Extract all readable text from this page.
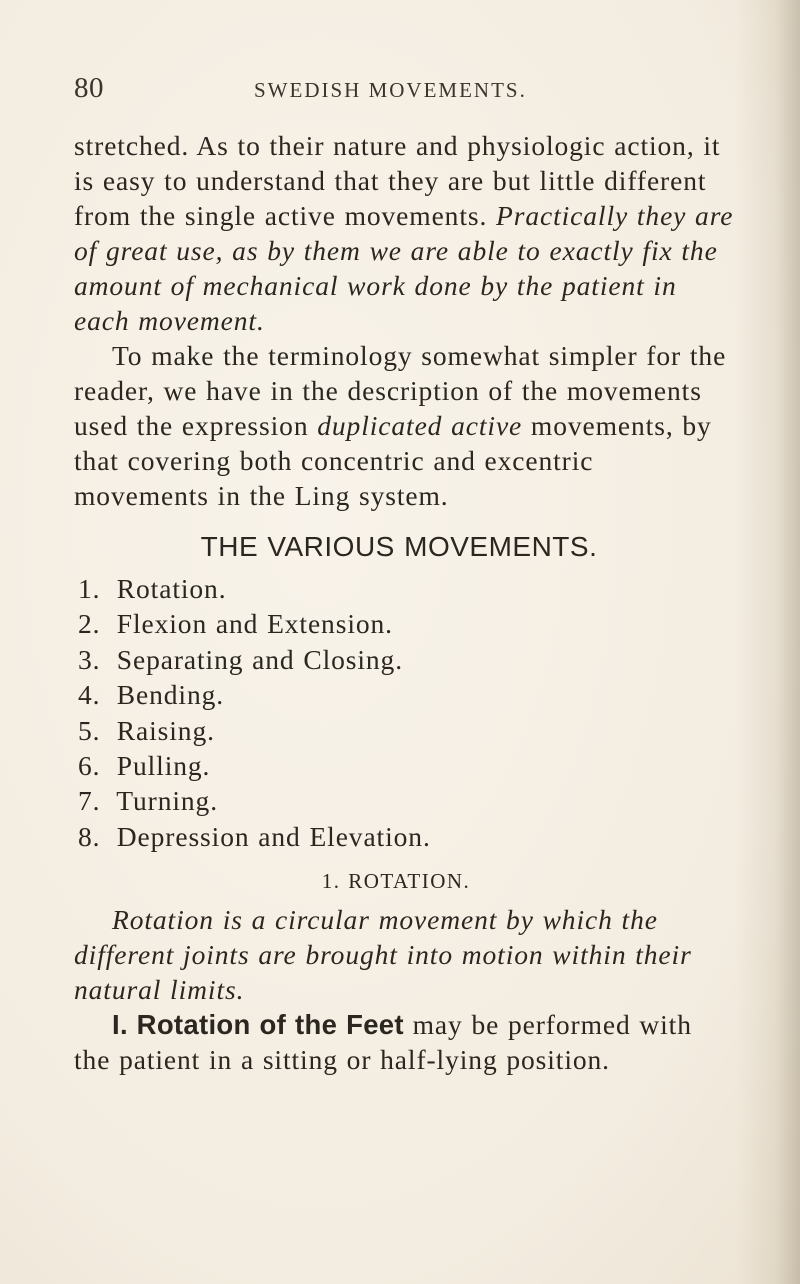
80	SWEDISH MOVEMENTS.

stretched. As to their nature and physiologic action, it is easy to understand that they are but little different from the single active movements. Practically they are of great use, as by them we are able to exactly fix the amount of mechanical work done by the patient in each movement.

To make the terminology somewhat simpler for the reader, we have in the description of the movements used the expression duplicated active movements, by that covering both concentric and excentric movements in the Ling system.

THE VARIOUS MOVEMENTS.

1. Rotation.
2. Flexion and Extension.
3. Separating and Closing.
4. Bending.
5. Raising.
6. Pulling.
7. Turning.
8. Depression and Elevation.

1. ROTATION.

Rotation is a circular movement by which the different joints are brought into motion within their natural limits.

I. Rotation of the Feet may be performed with the patient in a sitting or half-lying position.
